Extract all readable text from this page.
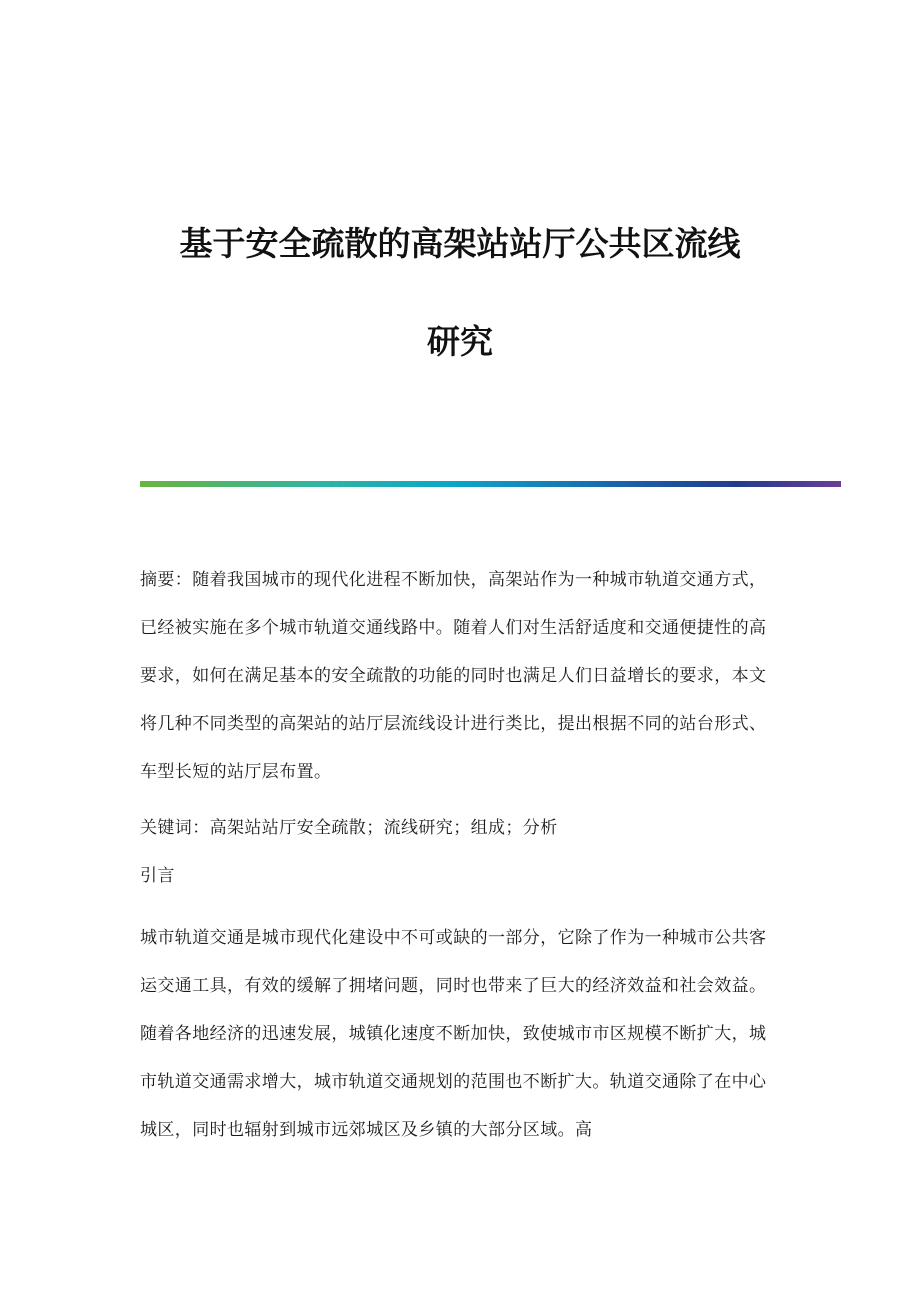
基于安全疏散的高架站站厅公共区流线
研究

摘要：随着我国城市的现代化进程不断加快，高架站作为一种城市轨道交通方式，已经被实施在多个城市轨道交通线路中。随着人们对生活舒适度和交通便捷性的高要求，如何在满足基本的安全疏散的功能的同时也满足人们日益增长的要求，本文将几种不同类型的高架站的站厅层流线设计进行类比，提出根据不同的站台形式、车型长短的站厅层布置。

关键词：高架站站厅安全疏散；流线研究；组成；分析

引言

城市轨道交通是城市现代化建设中不可或缺的一部分，它除了作为一种城市公共客运交通工具，有效的缓解了拥堵问题，同时也带来了巨大的经济效益和社会效益。随着各地经济的迅速发展，城镇化速度不断加快，致使城市市区规模不断扩大，城市轨道交通需求增大，城市轨道交通规划的范围也不断扩大。轨道交通除了在中心城区，同时也辐射到城市远郊城区及乡镇的大部分区域。高
